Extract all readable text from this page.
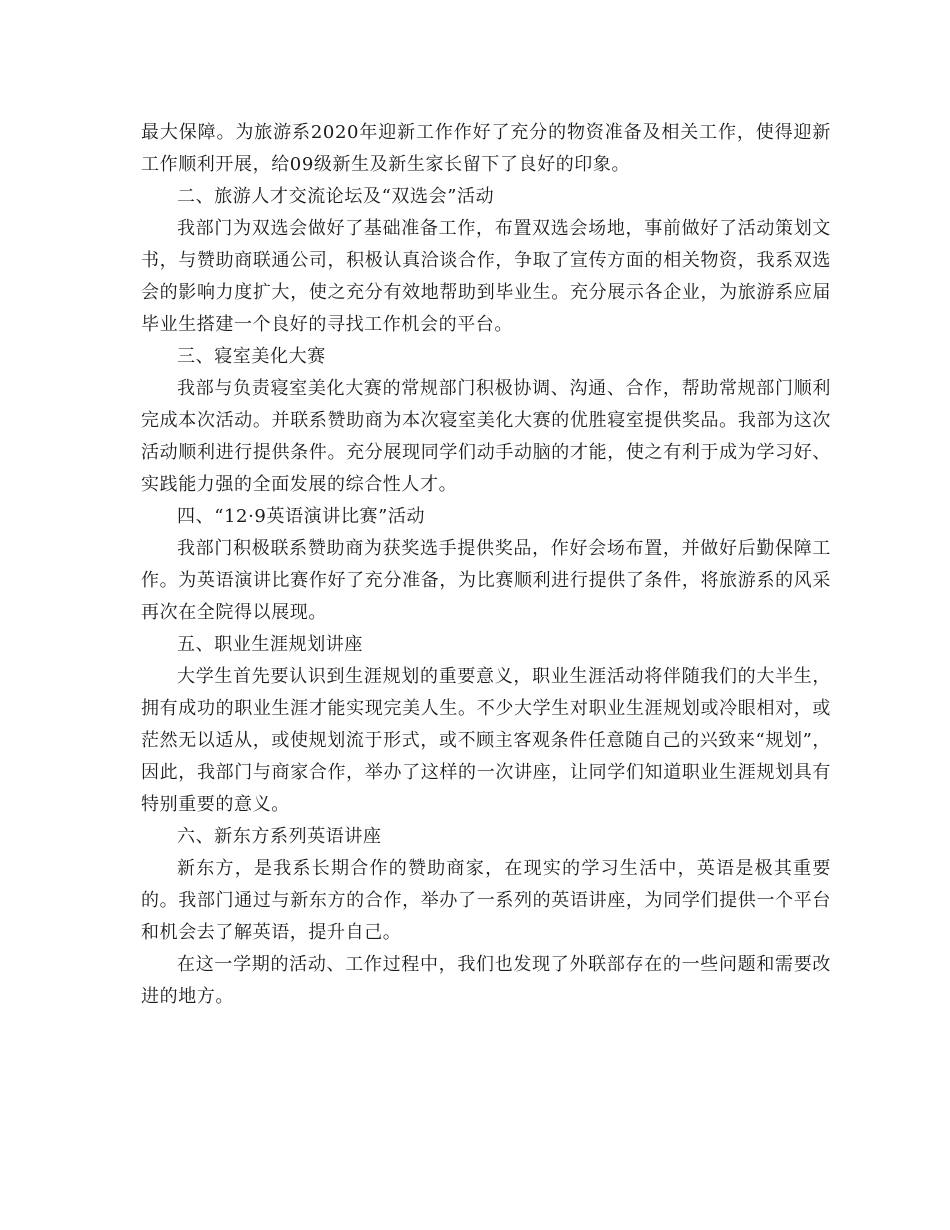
最大保障。为旅游系2020年迎新工作作好了充分的物资准备及相关工作，使得迎新工作顺利开展，给09级新生及新生家长留下了良好的印象。

二、旅游人才交流论坛及“双选会”活动

我部门为双选会做好了基础准备工作，布置双选会场地，事前做好了活动策划文书，与赞助商联通公司，积极认真洽谈合作，争取了宣传方面的相关物资，我系双选会的影响力度扩大，使之充分有效地帮助到毕业生。充分展示各企业，为旅游系应届毕业生搭建一个良好的寻找工作机会的平台。

三、寝室美化大赛

我部与负责寝室美化大赛的常规部门积极协调、沟通、合作，帮助常规部门顺利完成本次活动。并联系赞助商为本次寝室美化大赛的优胜寝室提供奖品。我部为这次活动顺利进行提供条件。充分展现同学们动手动脑的才能，使之有利于成为学习好、实践能力强的全面发展的综合性人才。

四、“12·9英语演讲比赛”活动

我部门积极联系赞助商为获奖选手提供奖品，作好会场布置，并做好后勤保障工作。为英语演讲比赛作好了充分准备，为比赛顺利进行提供了条件，将旅游系的风采再次在全院得以展现。

五、职业生涯规划讲座

大学生首先要认识到生涯规划的重要意义，职业生涯活动将伴随我们的大半生，拥有成功的职业生涯才能实现完美人生。不少大学生对职业生涯规划或冷眼相对，或茫然无以适从，或使规划流于形式，或不顾主客观条件任意随自己的兴致来“规划”，因此，我部门与商家合作，举办了这样的一次讲座，让同学们知道职业生涯规划具有特别重要的意义。

六、新东方系列英语讲座

新东方，是我系长期合作的赞助商家，在现实的学习生活中，英语是极其重要的。我部门通过与新东方的合作，举办了一系列的英语讲座，为同学们提供一个平台和机会去了解英语，提升自己。

在这一学期的活动、工作过程中，我们也发现了外联部存在的一些问题和需要改进的地方。
